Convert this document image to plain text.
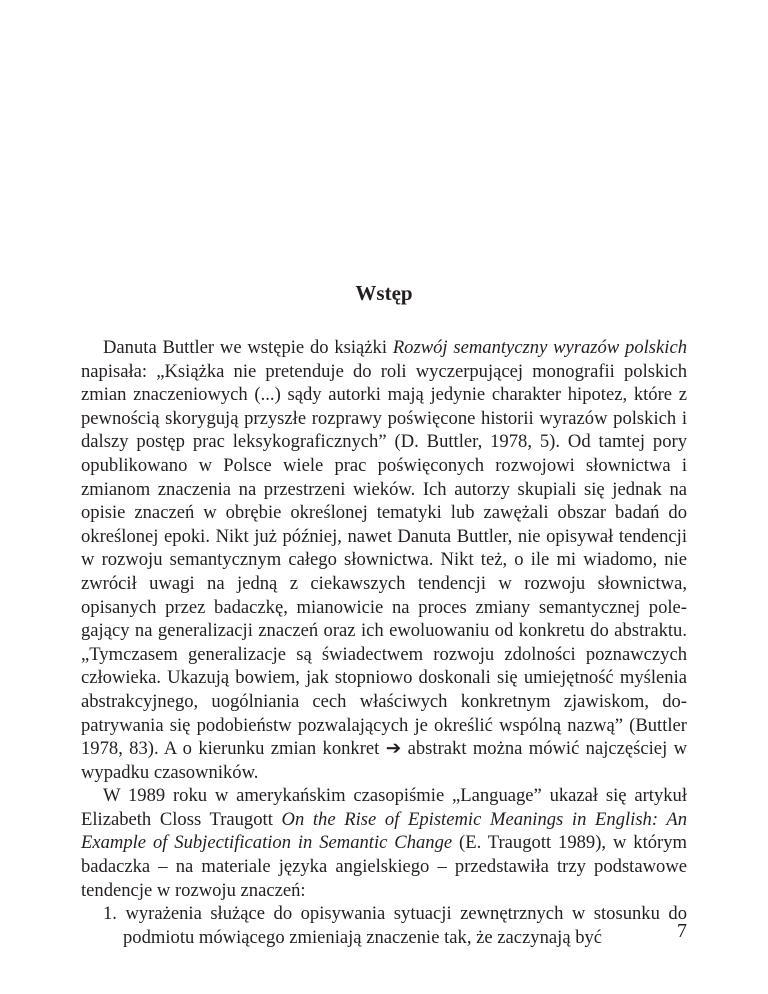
Wstęp

Danuta Buttler we wstępie do książki Rozwój semantyczny wyrazów polskich napisała: „Książka nie pretenduje do roli wyczerpującej monografii polskich zmian znaczeniowych (...) sądy autorki mają jedynie charakter hipotez, które z pewnością skorygują przyszłe rozprawy poświęcone historii wyrazów polskich i dalszy postęp prac leksykograficznych” (D. Buttler, 1978, 5). Od tamtej pory opublikowano w Polsce wiele prac poświęconych rozwojowi słownictwa i zmianom znaczenia na przestrzeni wieków. Ich autorzy skupiali się jednak na opisie znaczeń w obrębie określonej tematyki lub zawężali obszar badań do określonej epoki. Nikt już później, nawet Danuta Buttler, nie opisywał tendencji w rozwoju semantycznym całego słownictwa. Nikt też, o ile mi wiadomo, nie zwrócił uwagi na jedną z ciekawszych tendencji w rozwoju słownictwa, opisanych przez badaczkę, mianowicie na proces zmiany semantycznej polegający na generalizacji znaczeń oraz ich ewoluowaniu od konkretu do abstraktu. „Tymczasem generalizacje są świadectwem rozwoju zdolności poznawczych człowieka. Ukazują bowiem, jak stopniowo doskonali się umiejętność myślenia abstrakcyjnego, uogólniania cech właściwych konkretnym zjawiskom, dopatrywania się podobieństw pozwalających je określić wspólną nazwą” (Buttler 1978, 83). A o kierunku zmian konkret ➔ abstrakt można mówić najczęściej w wypadku czasowników.

W 1989 roku w amerykańskim czasopiśmie „Language” ukazał się artykuł Elizabeth Closs Traugott On the Rise of Epistemic Meanings in English: An Example of Subjectification in Semantic Change (E. Traugott 1989), w którym badaczka – na materiale języka angielskiego – przedstawiła trzy podstawowe tendencje w rozwoju znaczeń:

1. wyrażenia służące do opisywania sytuacji zewnętrznych w stosunku do podmiotu mówiącego zmieniają znaczenie tak, że zaczynają być	7
